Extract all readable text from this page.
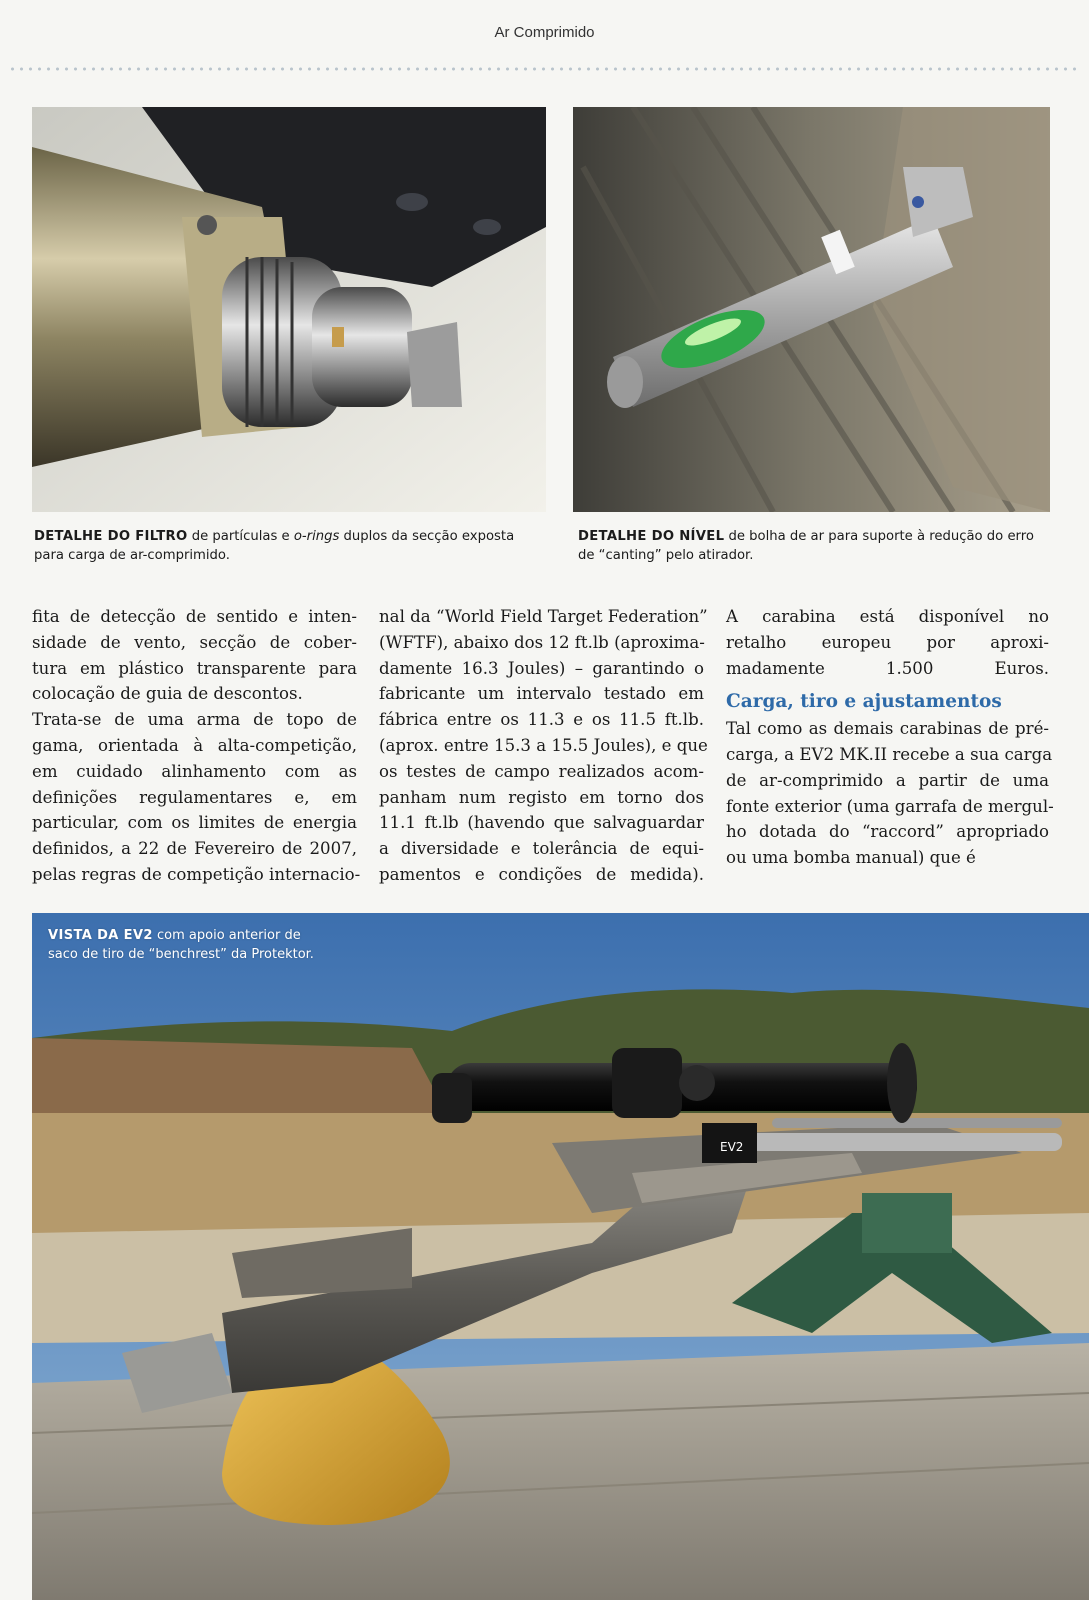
Ar Comprimido
DETALHE DO FILTRO de partículas e o-rings duplos da secção exposta para carga de ar-comprimido.
DETALHE DO NÍVEL de bolha de ar para suporte à redução do erro de “canting” pelo atirador.
fita de detecção de sentido e inten-
sidade de vento, secção de cober-
tura em plástico transparente para
colocação de guia de descontos.
Trata-se de uma arma de topo de
gama, orientada à alta-competição,
em cuidado alinhamento com as
definições regulamentares e, em
particular, com os limites de energia
definidos, a 22 de Fevereiro de 2007,
pelas regras de competição internacio-
nal da “World Field Target Federation”
(WFTF), abaixo dos 12 ft.lb (aproxima-
damente 16.3 Joules) – garantindo o
fabricante um intervalo testado em
fábrica entre os 11.3 e os 11.5 ft.lb.
(aprox. entre 15.3 a 15.5 Joules), e que
os testes de campo realizados acom-
panham num registo em torno dos
11.1 ft.lb (havendo que salvaguardar
a diversidade e tolerância de equi-
pamentos e condições de medida).
A carabina está disponível no
retalho europeu por aproxi-
madamente 1.500 Euros.
Carga, tiro e ajustamentos
Tal como as demais carabinas de pré-
carga, a EV2 MK.II recebe a sua carga
de ar-comprimido a partir de uma
fonte exterior (uma garrafa de mergul-
ho dotada do “raccord” apropriado
ou uma bomba manual) que é
EV2
VISTA DA EV2 com apoio anterior de saco de tiro de “benchrest” da Protektor.
